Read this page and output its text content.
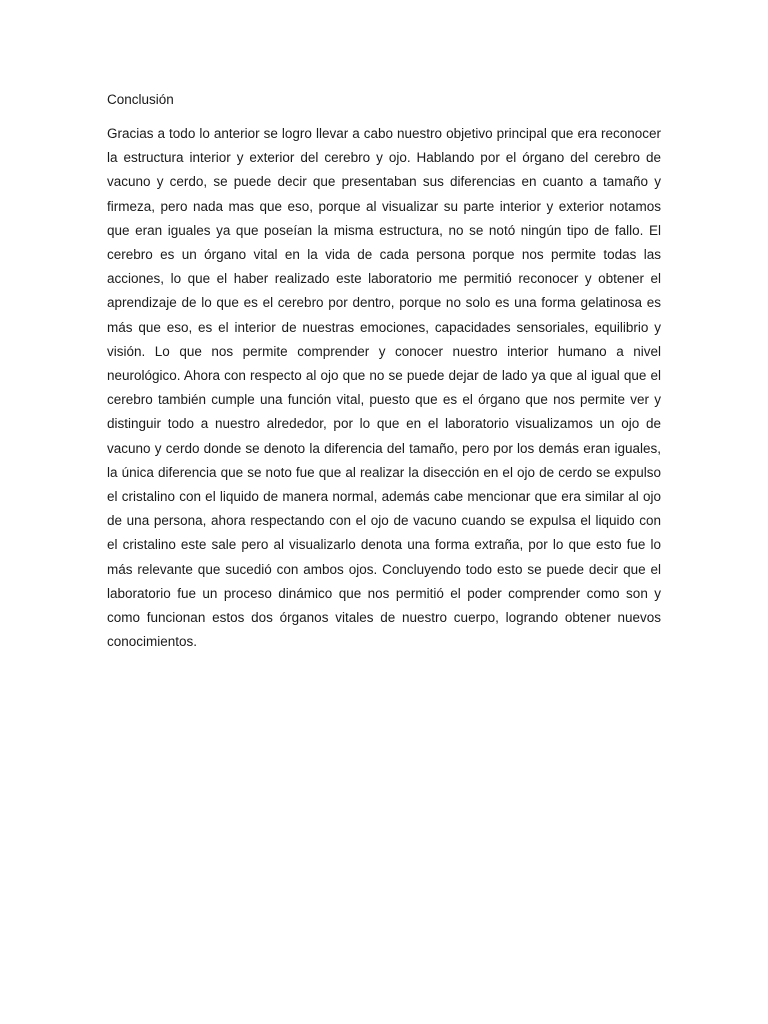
Conclusión

Gracias a todo lo anterior se logro llevar a cabo nuestro objetivo principal que era reconocer la estructura interior y exterior del cerebro y ojo. Hablando por el órgano del cerebro de vacuno y cerdo, se puede decir que presentaban sus diferencias en cuanto a tamaño y firmeza, pero nada mas que eso, porque al visualizar su parte interior y exterior notamos que eran iguales ya que poseían la misma estructura, no se notó ningún tipo de fallo. El cerebro es un órgano vital en la vida de cada persona porque nos permite todas las acciones, lo que el haber realizado este laboratorio me permitió reconocer y obtener el aprendizaje de lo que es el cerebro por dentro, porque no solo es una forma gelatinosa es más que eso, es el interior de nuestras emociones, capacidades sensoriales, equilibrio y visión. Lo que nos permite comprender y conocer nuestro interior humano a nivel neurológico. Ahora con respecto al ojo que no se puede dejar de lado ya que al igual que el cerebro también cumple una función vital, puesto que es el órgano que nos permite ver y distinguir todo a nuestro alrededor, por lo que en el laboratorio visualizamos un ojo de vacuno y cerdo donde se denoto la diferencia del tamaño, pero por los demás eran iguales, la única diferencia que se noto fue que al realizar la disección en el ojo de cerdo se expulso el cristalino con el liquido de manera normal, además cabe mencionar que era similar al ojo de una persona, ahora respectando con el ojo de vacuno cuando se expulsa el liquido con el cristalino este sale pero al visualizarlo denota una forma extraña, por lo que esto fue lo más relevante que sucedió con ambos ojos. Concluyendo todo esto se puede decir que el laboratorio fue un proceso dinámico que nos permitió el poder comprender como son y como funcionan estos dos órganos vitales de nuestro cuerpo, logrando obtener nuevos conocimientos.
